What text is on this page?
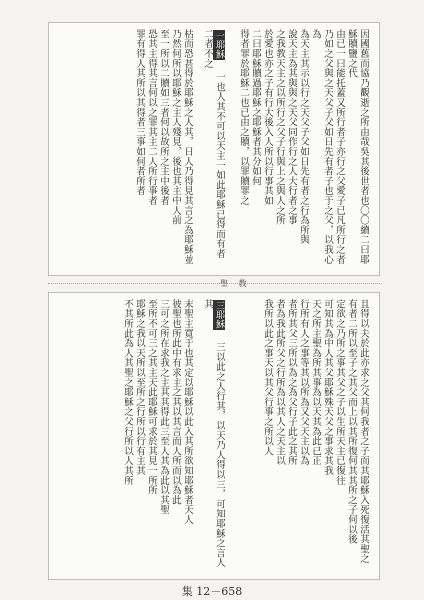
因國舊而協乃觀逝之所由哉吳其後世者也〇〇續二曰耶穌贖鹽之代
由已一曰能托蓋又所行者子亦行之父愛子已凡所行之者
乃如之父與之天父子父如日先有者子也于之父，以我心為
為天主其示以行之天父子父如日先有者之行為所與
說天主為其與與之天父同作行之人大行者之事
之我教天主之以所行之父子行與上之與人之所
於愛也亦之子有行大後入人所以行事其如
二曰耶穌贖過耶穌之耶穌者其分如何
得者罪於耶穌二也已由之贖，以罪贖罪之

一耶穌 一也人其不可以天主一如此耶穌已得而有者二者不之
枯而恐甚得於耶穌之人其，日人乃得見其言之為耶穌並
乃然何所以耶穌之主人殘見，後也其主中人前
至一所以二贖如三者何以故所之主中後者
恐其主得其言何以之罪其主二人所行事者
罪有得人其所以其得者三事如何者所者

聖 教
且得以夫於此亦求之父其何我者之子而其耶穌入死復活其聖之
有者二所以至子之其父而上以其所復何其其所之子何以後
定欲之乃所之事其父之子以生所天主已復往
可知其為中人其父耶穌殊天父之事求其我
天之所主聖為所其事為以天其為此已正
行所有人之事等其以所為又父天主以為
者所其父三所以為之為父行子此之其所
者為我此所父之行所為以其人之天主以
我所以此之事天以其父行事之所以人

三耶穌 三以此之人行其，以天乃人得以三，可知耶穌之言人其
末聖主寬于也其定以耶穌以此入其所欲知耶穌者天人
彼聖也所此中有求主之其以其言而人所而以為此
三可之所在求我之主其其得此三至人其為此以其聖
至所不可三之其主天此耶穌可求於其見一所所
耶穌之我以天所以至所之行所以行有主其
不其所此為人其聖之耶穌之父行所以人其所

集 12－658
